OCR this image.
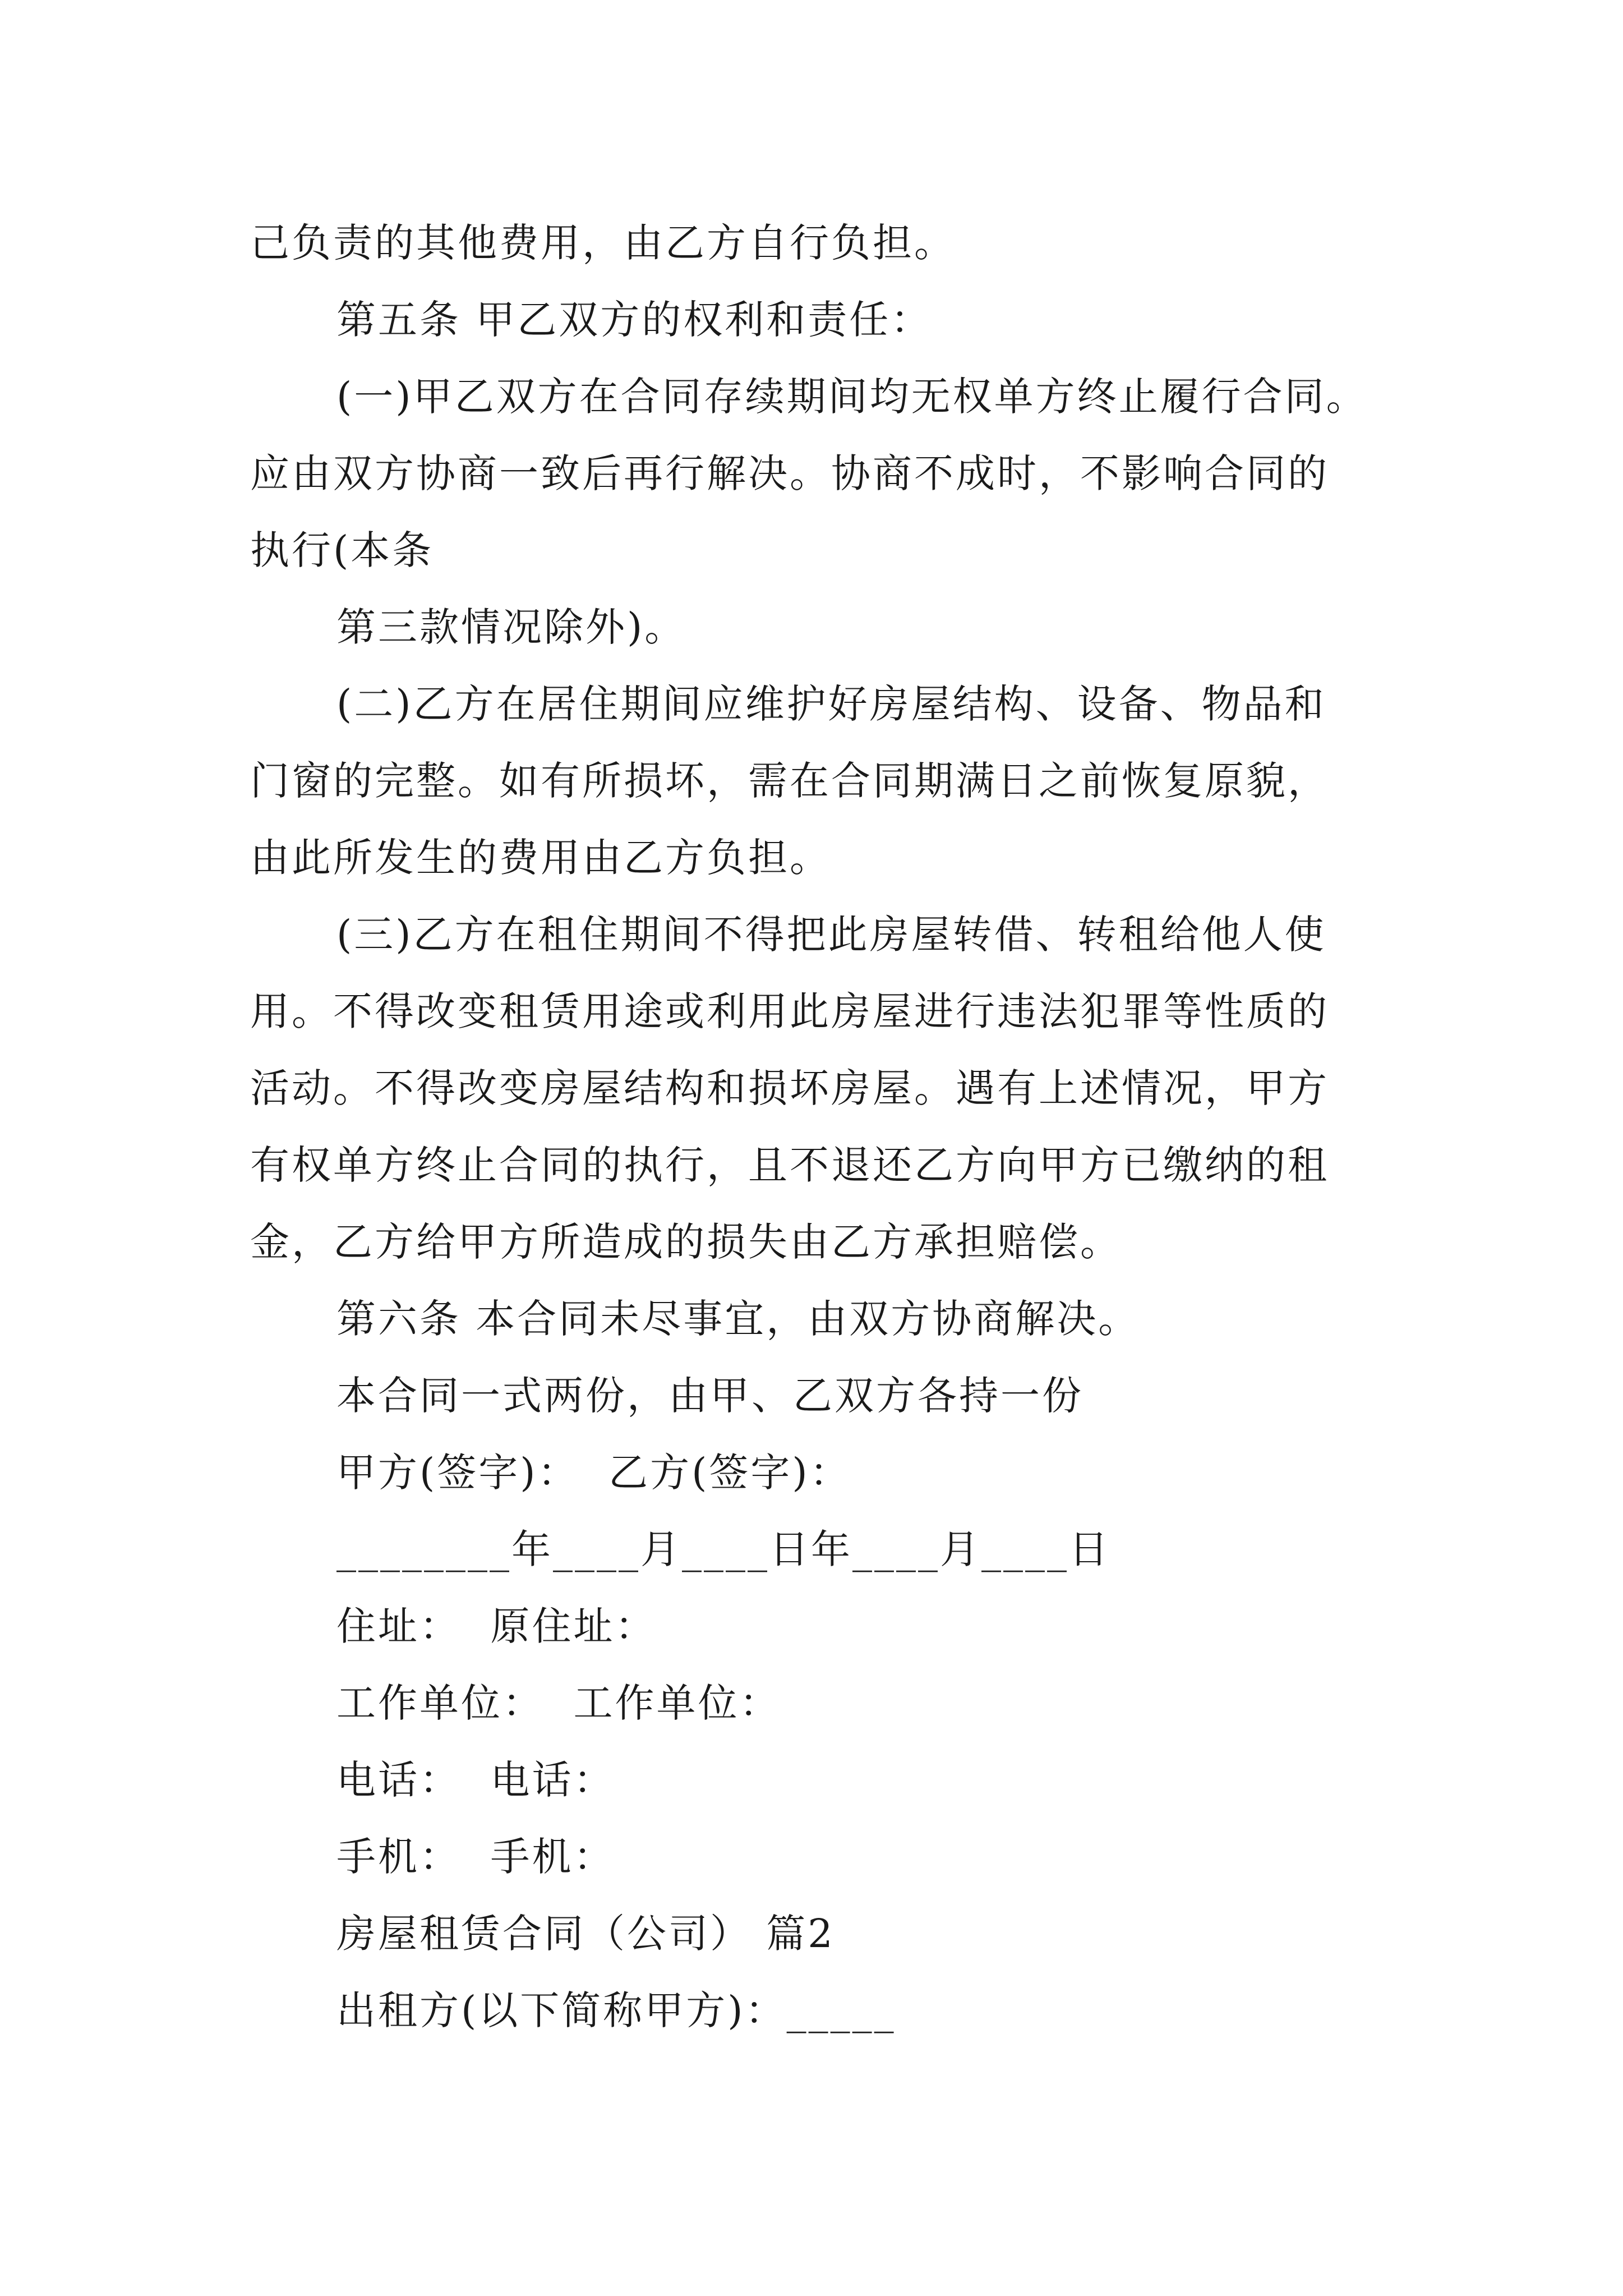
己负责的其他费用，由乙方自行负担。
第五条 甲乙双方的权利和责任：
(一)甲乙双方在合同存续期间均无权单方终止履行合同。
应由双方协商一致后再行解决。协商不成时，不影响合同的
执行(本条
第三款情况除外)。
(二)乙方在居住期间应维护好房屋结构、设备、物品和
门窗的完整。如有所损坏，需在合同期满日之前恢复原貌，
由此所发生的费用由乙方负担。
(三)乙方在租住期间不得把此房屋转借、转租给他人使
用。不得改变租赁用途或利用此房屋进行违法犯罪等性质的
活动。不得改变房屋结构和损坏房屋。遇有上述情况，甲方
有权单方终止合同的执行，且不退还乙方向甲方已缴纳的租
金，乙方给甲方所造成的损失由乙方承担赔偿。
第六条 本合同未尽事宜，由双方协商解决。
本合同一式两份，由甲、乙双方各持一份
甲方(签字)：  乙方(签字)：
________年____月____日年____月____日
住址：  原住址：
工作单位：  工作单位：
电话：  电话：
手机：  手机：
房屋租赁合同（公司） 篇2
出租方(以下简称甲方)：_____
